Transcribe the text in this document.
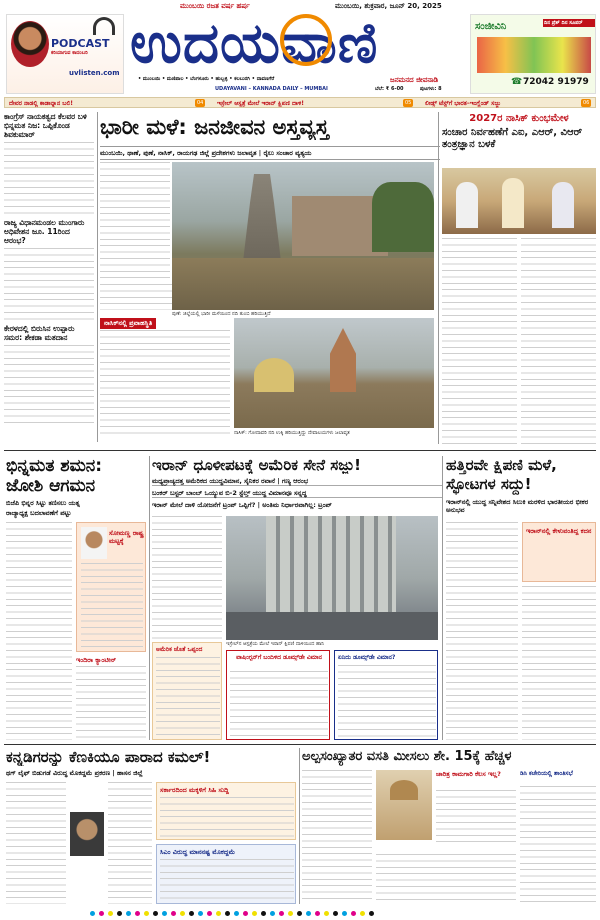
PODCAST
ಕರಿಯಾಗುವ ಕಾದಂಬರಿ
uvlisten.com
ಮುಂಬಯಿ ರಜತ ವರ್ಷ ಹರ್ಷ	ಮುಂಬಯಿ, ಶುಕ್ರವಾರ, ಜೂನ್ 20, 2025
ಉದಯವಾಣಿ
• ಮುಂಬಯಿ • ಮಣಿಪಾಲ • ಬೆಂಗಳೂರು • ಹುಬ್ಬಳ್ಳಿ • ಕಲಬುರಗಿ • ದಾವಣಗೆರೆ	ಜನಮನದ ಜೀವನಾಡಿ
UDAYAVANI – KANNADA DAILY – MUMBAI	ಬೆಲೆ: ₹ 6-00	ಪುಟಗಳು: 8
ಸಂಜೀವಿನಿ	ದಿನ ಪ್ರೆಶ್ ದಿನ ಸೂಪರ್
☎ 72042 91979
ದೇವರ ನಾಡಲ್ಲಿ ಕಾಡಾನ್ನಾನ ಬಲಿ!	04	ಇಸ್ರೇಲ್ ಆಸ್ಪತ್ರೆ ಮೇಲೆ ಇರಾನ್ ಕ್ಷಿಪಣಿ ದಾಳಿ!	05	ಲೀಡ್ಸ್ ಟೆಸ್ಟ್‌ಗೆ ಭಾರತ–ಇಂಗ್ಲೆಂಡ್ ಸಜ್ಜು	06
ಕಾಂಗ್ರೆಸ್ ನಾಯಕತ್ವದ ಕೆಲವರ ಬಳಿ ಭಿನ್ನಮತ ನಿಜ: ಒಪ್ಪಿಕೊಂಡ ಶಿವಕುಮಾರ್
ರಾಜ್ಯ ವಿಧಾನಮಂಡಲ ಮುಂಗಾರು ಅಧಿವೇಶನ ಜೂ. 11ರಿಂದ ಆರಂಭ?
ಕೇರಳದಲ್ಲಿ ಬಿರುಸಿನ ಉಪ್ಪಾರು ಸಮರ: ಶೇಕಡಾ ಮತದಾನ
ಭಾರೀ ಮಳೆ: ಜನಜೀವನ ಅಸ್ತವ್ಯಸ್ತ
ಮುಂಬಯಿ, ಥಾಣೆ, ಪುಣೆ, ನಾಸಿಕ್, ರಾಯಗಢ ಜಿಲ್ಲೆ ಪ್ರದೇಶಗಳು ಜಲಾವೃತ | ರೈಲು ಸಂಚಾರ ವ್ಯತ್ಯಯ
ಪುಣೆ: ಜಿಲ್ಲೆಯಲ್ಲಿ ಭಾರೀ ಮಳೆಯಿಂದ ನದಿ ತುಂಬಿ ಹರಿಯುತ್ತಿದೆ
ನಾಸಿಕ್‌ನಲ್ಲಿ ಪ್ರವಾಹಸ್ಥಿತಿ
ನಾಸಿಕ್: ಗೋದಾವರಿ ನದಿ ಉಕ್ಕಿ ಹರಿಯುತ್ತಿದ್ದು ದೇವಾಲಯಗಳು ಜಲಾವೃತ
2027ರ ನಾಸಿಕ್ ಕುಂಭಮೇಳ
ಸಂಚಾರ ನಿರ್ವಹಣೆಗೆ ಎಐ, ಎಆರ್, ವಿಆರ್ ತಂತ್ರಜ್ಞಾನ ಬಳಕೆ
ಭಿನ್ನಮತ ಶಮನ:
ಜೋಶಿ ಆಗಮನ
ಬಿಜೆಪಿ ಭಿನ್ನರ ಸಿಟ್ಟು ತಣಿಸಲು ಯತ್ನ
ರಾಜ್ಯಾಧ್ಯಕ್ಷ ಬದಲಾವಣೆಗೆ ಪಟ್ಟು
ಸೋಮಣ್ಣ ರಾಷ್ಟ್ರ ಮಟ್ಟಕ್ಕೆ
ಇಂದಿರಾ ಕ್ಯಾಂಟೀನ್
ಇರಾನ್ ಧೂಳೀಪಟಕ್ಕೆ ಅಮೆರಿಕ ಸೇನೆ ಸಜ್ಜು!
ಮಧ್ಯಪ್ರಾಚ್ಯದತ್ತ ಅಮೆರಿಕದ ಯುದ್ಧವಿಮಾನ, ಸೈನಿಕರ ರವಾನೆ | ಗಣ್ಯ ಆರಂಭ
ಬಂಕರ್ ಬಸ್ಟರ್ ಬಾಂಬ್ ಒಯ್ಯುವ ಬಿ-2 ಸ್ಟೆಲ್ತ್ ಯುದ್ಧ ವಿಮಾನವೂ ಸನ್ನದ್ಧ
ಇರಾನ್ ಮೇಲೆ ದಾಳಿ ಯೋಜನೆಗೆ ಟ್ರಂಪ್ ಒಪ್ಪಿಗೆ? | ಅಂತಿಮ ನಿರ್ಧಾರವಾಗಿಲ್ಲ: ಟ್ರಂಪ್
ಇಸ್ರೇಲ್‌ನ ಆಸ್ಪತ್ರೆಯ ಮೇಲೆ ಇರಾನ್ ಕ್ಷಿಪಣಿ ದಾಳಿಯಿಂದ ಹಾನಿ
ಅಮೆರಿಕ ಜೊತೆ ಒಪ್ಪಂದ
ವಾಷಿಂಗ್ಟನ್‌ಗೆ ಬಂದಿಳಿದ ಡೂಮ್ಸ್‌ಡೇ ವಿಮಾನ	ಏನಿದು ಡೂಮ್ಸ್‌ಡೇ ವಿಮಾನ?
ಹತ್ತಿರವೇ ಕ್ಷಿಪಣಿ ಮಳೆ, ಸ್ಫೋಟಗಳ ಸದ್ದು!
ಇರಾನ್‌ನಲ್ಲಿ ಯುದ್ಧ ಸನ್ನಿವೇಶದ ಸಿಲುಕಿ ಮರಳಿದ ಭಾರತೀಯರ ಭೀಕರ ಅನುಭವ
ಇರಾನ್‌ನಲ್ಲಿ ಕೇಳುವಂತಿದ್ದ ಕದನ
ಕನ್ನಡಿಗರನ್ನು ಕೆಣಕಿಯೂ ಪಾರಾದ ಕಮಲ್!
ಥಗ್ ಲೈಫ್ ಬಿಡುಗಡೆ ವಿರುದ್ಧ ಮೊಕದ್ದಮೆ ಪ್ರಕರಣ | ಹಾಸನ ಜಿಲ್ಲೆ
ಸರ್ಕಾರದಿಂದ ಮಕ್ಕಳಿಗೆ ಸಿಹಿ ಸುದ್ದಿ
ಸಿಎಂ ವಿರುದ್ಧ ಮಾನನಷ್ಟ ಮೊಕದ್ದಮೆ
ಅಲ್ಪಸಂಖ್ಯಾತರ ವಸತಿ ಮೀಸಲು ಶೇ. 15ಕ್ಕೆ ಹೆಚ್ಚಳ
ಚಾರಿತ್ರ ಕಾಮಗಾರಿ ಕೆಲಸ ಇಲ್ಲ?	ಡಿಸಿ ಕಚೇರಿಯಲ್ಲಿ ಶಾಂತಿಸಭೆ
